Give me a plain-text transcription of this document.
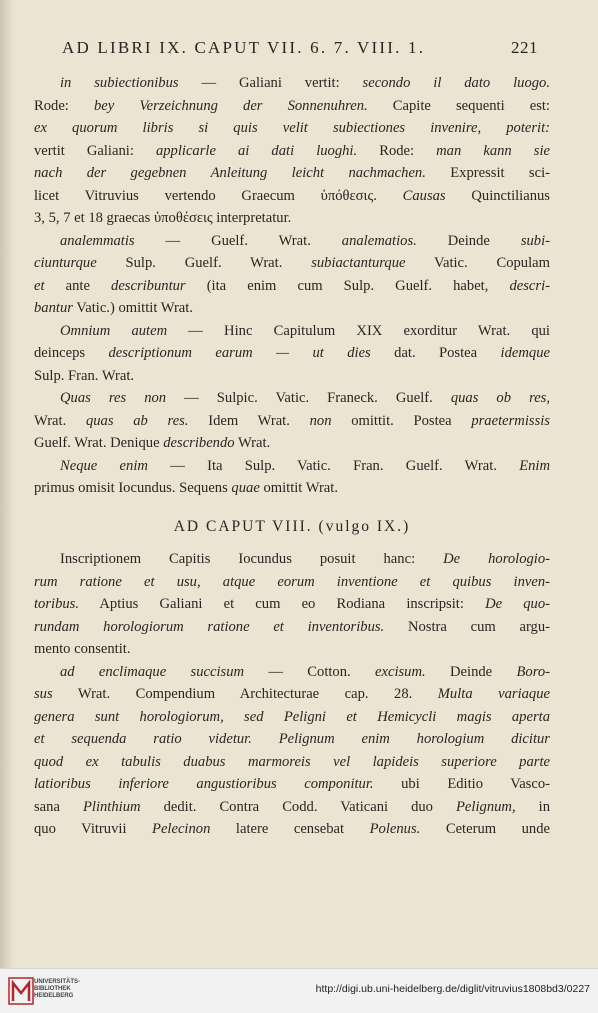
AD LIBRI IX. CAPUT VII. 6. 7. VIII. 1.	221
in subiectionibus — Galiani vertit: secondo il dato luogo.
Rode: bey Verzeichnung der Sonnenuhren. Capite sequenti est:
ex quorum libris si quis velit subiectiones invenire, poterit:
vertit Galiani: applicarle ai dati luoghi. Rode: man kann sie
nach der gegebnen Anleitung leicht nachmachen. Expressit sci-
licet Vitruvius vertendo Graecum ὑπόθεσις. Causas Quinctilianus
3, 5, 7 et 18 graecas ὑποθέσεις interpretatur.
analemmatis — Guelf. Wrat. analematios. Deinde subi-
ciunturque Sulp. Guelf. Wrat. subiactanturque Vatic. Copulam
et ante describuntur (ita enim cum Sulp. Guelf. habet, descri-
bantur Vatic.) omittit Wrat.
Omnium autem — Hinc Capitulum XIX exorditur Wrat. qui
deinceps descriptionum earum — ut dies dat. Postea idemque
Sulp. Fran. Wrat.
Quas res non — Sulpic. Vatic. Franeck. Guelf. quas ob res,
Wrat. quas ab res. Idem Wrat. non omittit. Postea praetermissis
Guelf. Wrat. Denique describendo Wrat.
Neque enim — Ita Sulp. Vatic. Fran. Guelf. Wrat. Enim
primus omisit Iocundus. Sequens quae omittit Wrat.
AD CAPUT VIII. (vulgo IX.)
Inscriptionem Capitis Iocundus posuit hanc: De horologio-
rum ratione et usu, atque eorum inventione et quibus inven-
toribus. Aptius Galiani et cum eo Rodiana inscripsit: De quo-
rundam horologiorum ratione et inventoribus. Nostra cum argu-
mento consentit.
ad enclimaque succisum — Cotton. excisum. Deinde Boro-
sus Wrat. Compendium Architecturae cap. 28. Multa variaque
genera sunt horologiorum, sed Peligni et Hemicycli magis aperta
et sequenda ratio videtur. Pelignum enim horologium dicitur
quod ex tabulis duabus marmoreis vel lapideis superiore parte
latioribus inferiore angustioribus componitur. ubi Editio Vasco-
sana Plinthium dedit. Contra Codd. Vaticani duo Pelignum, in
quo Vitruvii Pelecinon latere censebat Polenus. Ceterum unde
UNIVERSITÄTS-
BIBLIOTHEK
HEIDELBERG
http://digi.ub.uni-heidelberg.de/diglit/vitruvius1808bd3/0227
